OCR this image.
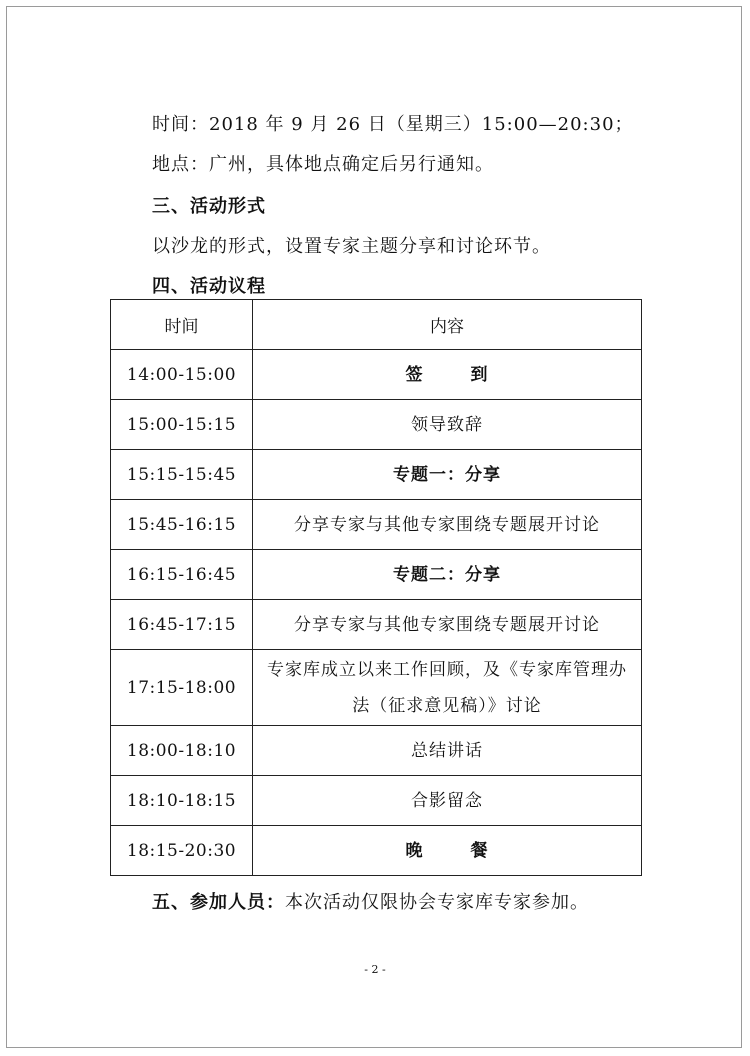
时间：2018 年 9 月 26 日（星期三）15:00—20:30；
地点：广州，具体地点确定后另行通知。
三、活动形式
以沙龙的形式，设置专家主题分享和讨论环节。
四、活动议程
时间	内容
14:00-15:00	签 到
15:00-15:15	领导致辞
15:15-15:45	专题一：分享
15:45-16:15	分享专家与其他专家围绕专题展开讨论
16:15-16:45	专题二：分享
16:45-17:15	分享专家与其他专家围绕专题展开讨论
17:15-18:00	专家库成立以来工作回顾，及《专家库管理办法（征求意见稿）》讨论
18:00-18:10	总结讲话
18:10-18:15	合影留念
18:15-20:30	晚 餐
五、参加人员：本次活动仅限协会专家库专家参加。
- 2 -
